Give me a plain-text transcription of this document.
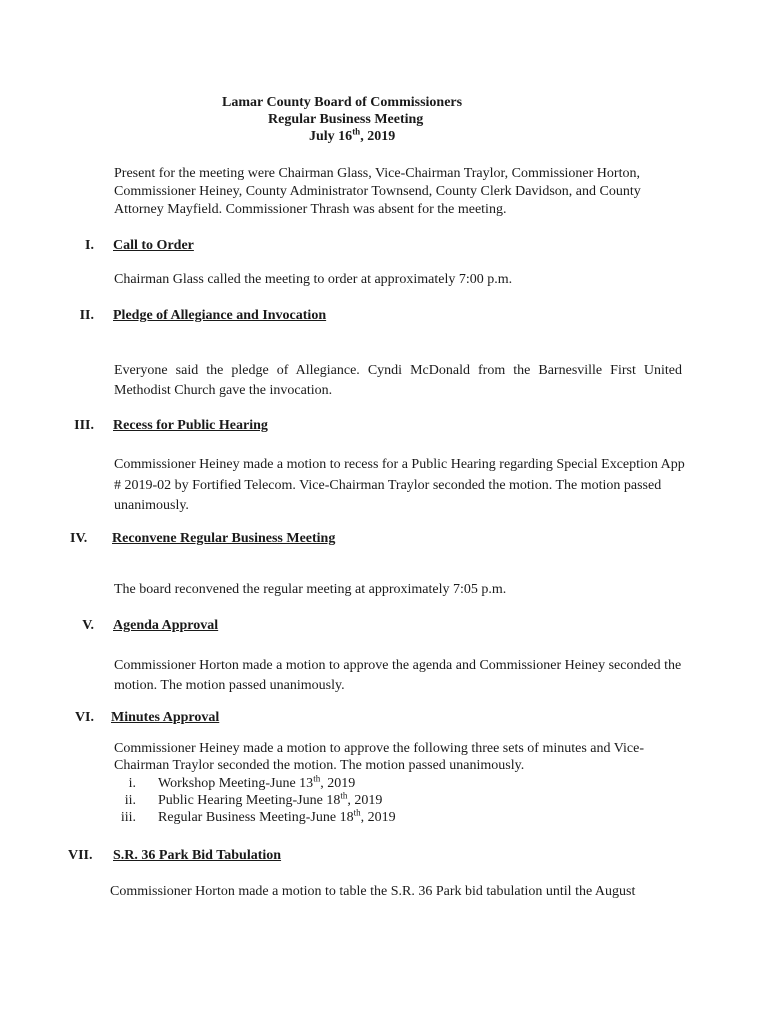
Lamar County Board of Commissioners
Regular Business Meeting
July 16th, 2019

Present for the meeting were Chairman Glass, Vice-Chairman Traylor, Commissioner Horton, Commissioner Heiney, County Administrator Townsend, County Clerk Davidson, and County Attorney Mayfield. Commissioner Thrash was absent for the meeting.

I. Call to Order

Chairman Glass called the meeting to order at approximately 7:00 p.m.

II. Pledge of Allegiance and Invocation

Everyone said the pledge of Allegiance. Cyndi McDonald from the Barnesville First United Methodist Church gave the invocation.

III. Recess for Public Hearing

Commissioner Heiney made a motion to recess for a Public Hearing regarding Special Exception App # 2019-02 by Fortified Telecom. Vice-Chairman Traylor seconded the motion. The motion passed unanimously.

IV.	Reconvene Regular Business Meeting

The board reconvened the regular meeting at approximately 7:05 p.m.

V. Agenda Approval

Commissioner Horton made a motion to approve the agenda and Commissioner Heiney seconded the motion. The motion passed unanimously.

VI. Minutes Approval

Commissioner Heiney made a motion to approve the following three sets of minutes and Vice-Chairman Traylor seconded the motion. The motion passed unanimously.

i. Workshop Meeting-June 13th, 2019
ii. Public Hearing Meeting-June 18th, 2019
iii. Regular Business Meeting-June 18th, 2019
VII.	S.R. 36 Park Bid Tabulation

Commissioner Horton made a motion to table the S.R. 36 Park bid tabulation until the August
